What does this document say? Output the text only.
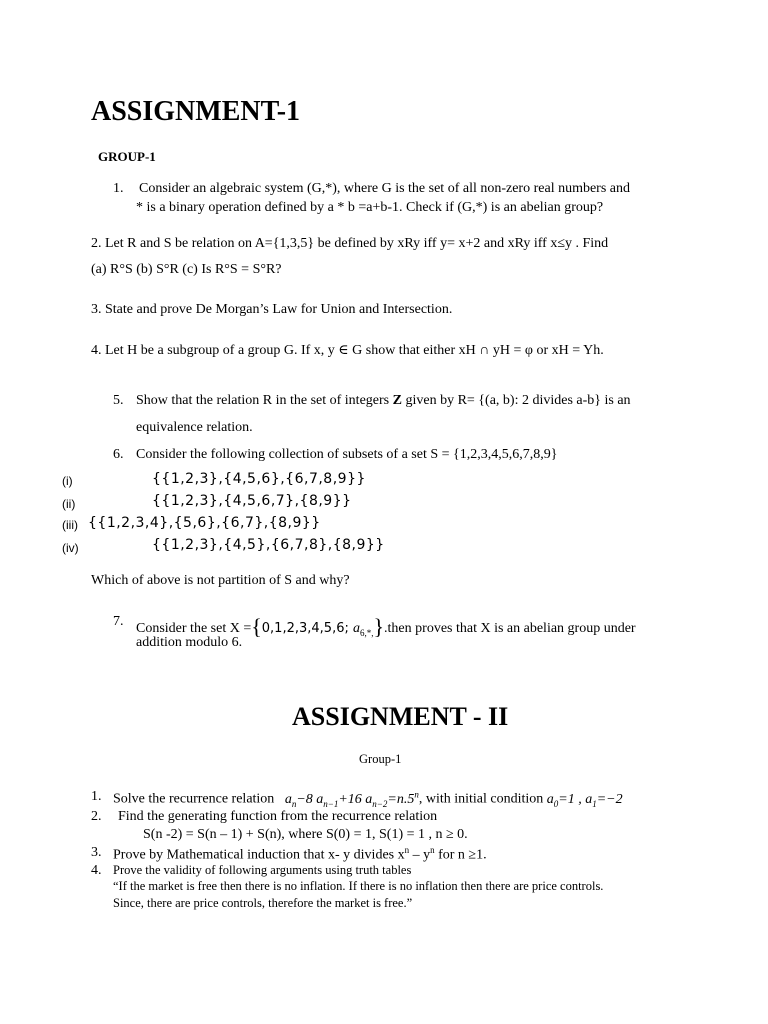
ASSIGNMENT-1
GROUP-1
1. Consider an algebraic system (G,*), where G is the set of all non-zero real numbers and
* is a binary operation defined by a * b =a+b-1. Check if (G,*) is an abelian group?
2. Let R and S be relation on A={1,3,5} be defined by xRy iff y= x+2 and xRy iff x≤y . Find
(a) R°S (b) S°R (c) Is R°S = S°R?
3. State and prove De Morgan’s Law for Union and Intersection.
4. Let H be a subgroup of a group G. If x, y ∈ G show that either xH ∩ yH = φ or xH = Yh.
5. Show that the relation R in the set of integers Z given by R= {(a, b): 2 divides a-b} is an
equivalence relation.
6. Consider the following collection of subsets of a set S = {1,2,3,4,5,6,7,8,9}
(i)	{{1,2,3},{4,5,6},{6,7,8,9}}
(ii)	{{1,2,3},{4,5,6,7},{8,9}}
(iii) {{1,2,3,4},{5,6},{6,7},{8,9}}
(iv)	{{1,2,3},{4,5},{6,7,8},{8,9}}
Which of above is not partition of S and why?
7. Consider the set X ={0,1,2,3,4,5,6; $a_{6,*,}\}.then$ proves that X is an abelian group under
addition modulo 6.
ASSIGNMENT - II
Group-1
1. Solve the recurrence relation $a_n-8$ $a_{n-1}+16$ $a_{n-2}=n.5^n$, with initial condition $a_0=1$ , $a_1=-2$
2. Find the generating function from the recurrence relation
S(n -2) = S(n – 1) + S(n), where S(0) = 1, S(1) = 1 , n ≥ 0.
3. Prove by Mathematical induction that x- y divides $x^n - y^n$ for n ≥1.
4. Prove the validity of following arguments using truth tables
“If the market is free then there is no inflation. If there is no inflation then there are price controls.
Since, there are price controls, therefore the market is free.”
